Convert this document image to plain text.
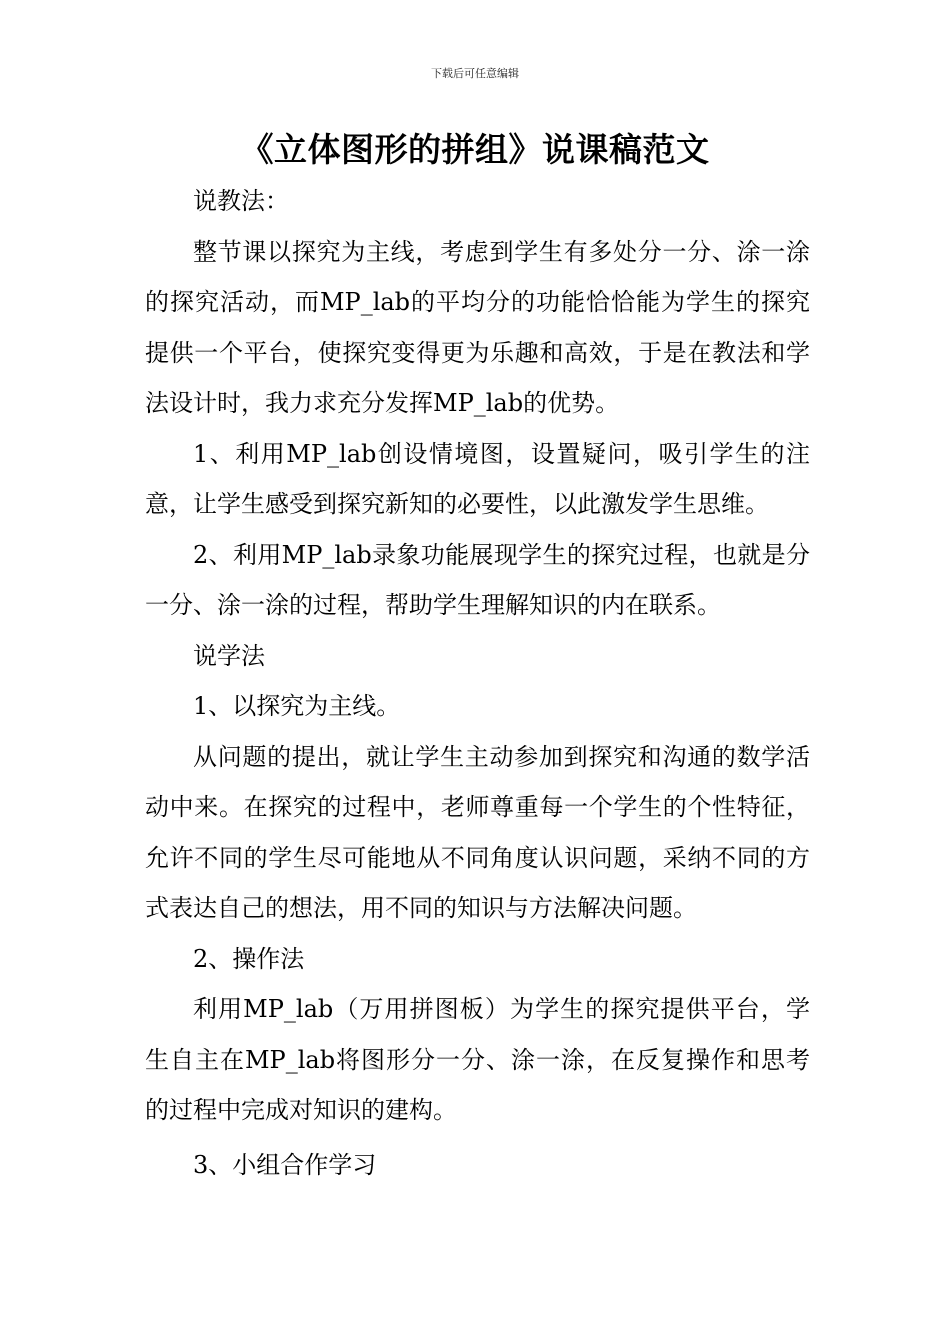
下载后可任意编辑
《立体图形的拼组》说课稿范文

说教法：

整节课以探究为主线，考虑到学生有多处分一分、涂一涂的探究活动，而MP_lab的平均分的功能恰恰能为学生的探究提供一个平台，使探究变得更为乐趣和高效，于是在教法和学法设计时，我力求充分发挥MP_lab的优势。

1、利用MP_lab创设情境图，设置疑问，吸引学生的注意，让学生感受到探究新知的必要性，以此激发学生思维。

2、利用MP_lab录象功能展现学生的探究过程，也就是分一分、涂一涂的过程，帮助学生理解知识的内在联系。

说学法

1、以探究为主线。

从问题的提出，就让学生主动参加到探究和沟通的数学活动中来。在探究的过程中，老师尊重每一个学生的个性特征，允许不同的学生尽可能地从不同角度认识问题，采纳不同的方式表达自己的想法，用不同的知识与方法解决问题。

2、操作法

利用MP_lab（万用拼图板）为学生的探究提供平台，学生自主在MP_lab将图形分一分、涂一涂，在反复操作和思考的过程中完成对知识的建构。

3、小组合作学习
